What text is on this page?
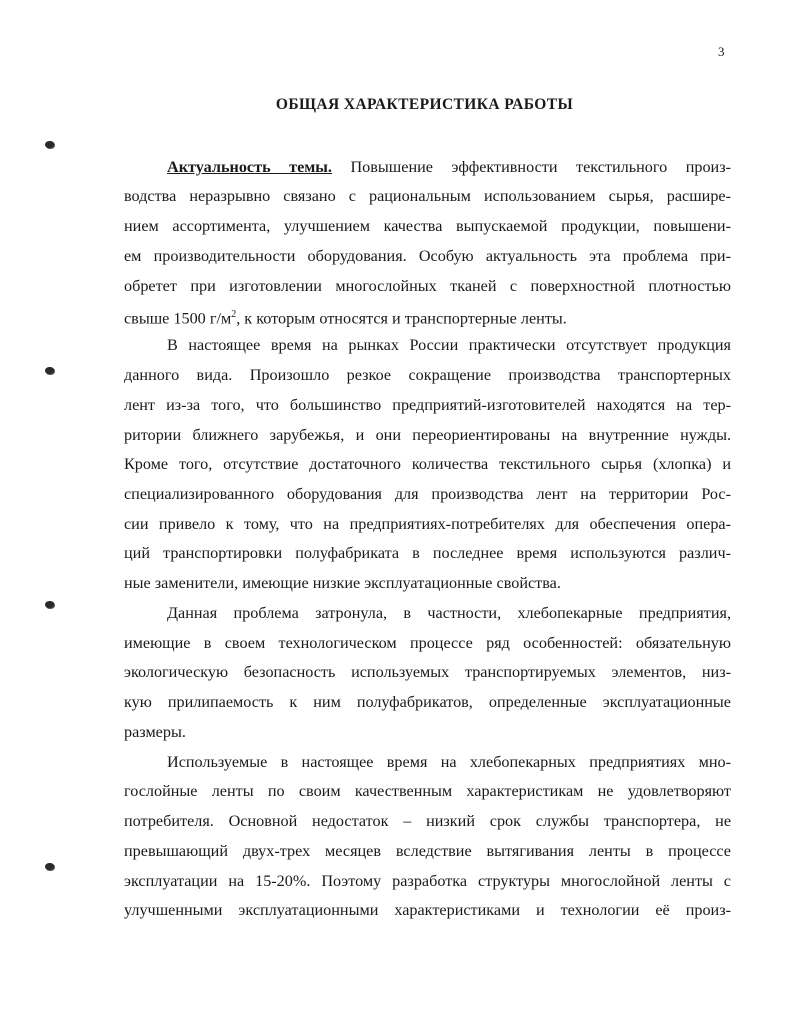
3
ОБЩАЯ ХАРАКТЕРИСТИКА РАБОТЫ
Актуальность темы. Повышение эффективности текстильного произ-
водства неразрывно связано с рациональным использованием сырья, расшире-
нием ассортимента, улучшением качества выпускаемой продукции, повышени-
ем производительности оборудования. Особую актуальность эта проблема при-
обретет при изготовлении многослойных тканей с поверхностной плотностью
свыше 1500 $г/м^2$, к которым относятся и транспортерные ленты.
В настоящее время на рынках России практически отсутствует продукция
данного вида. Произошло резкое сокращение производства транспортерных
лент из-за того, что большинство предприятий-изготовителей находятся на тер-
ритории ближнего зарубежья, и они переориентированы на внутренние нужды.
Кроме того, отсутствие достаточного количества текстильного сырья (хлопка) и
специализированного оборудования для производства лент на территории Рос-
сии привело к тому, что на предприятиях-потребителях для обеспечения опера-
ций транспортировки полуфабриката в последнее время используются различ-
ные заменители, имеющие низкие эксплуатационные свойства.
Данная проблема затронула, в частности, хлебопекарные предприятия,
имеющие в своем технологическом процессе ряд особенностей: обязательную
экологическую безопасность используемых транспортируемых элементов, низ-
кую прилипаемость к ним полуфабрикатов, определенные эксплуатационные
размеры.
Используемые в настоящее время на хлебопекарных предприятиях мно-
гослойные ленты по своим качественным характеристикам не удовлетворяют
потребителя. Основной недостаток – низкий срок службы транспортера, не
превышающий двух-трех месяцев вследствие вытягивания ленты в процессе
эксплуатации на 15-20%. Поэтому разработка структуры многослойной ленты с
улучшенными эксплуатационными характеристиками и технологии её произ-
